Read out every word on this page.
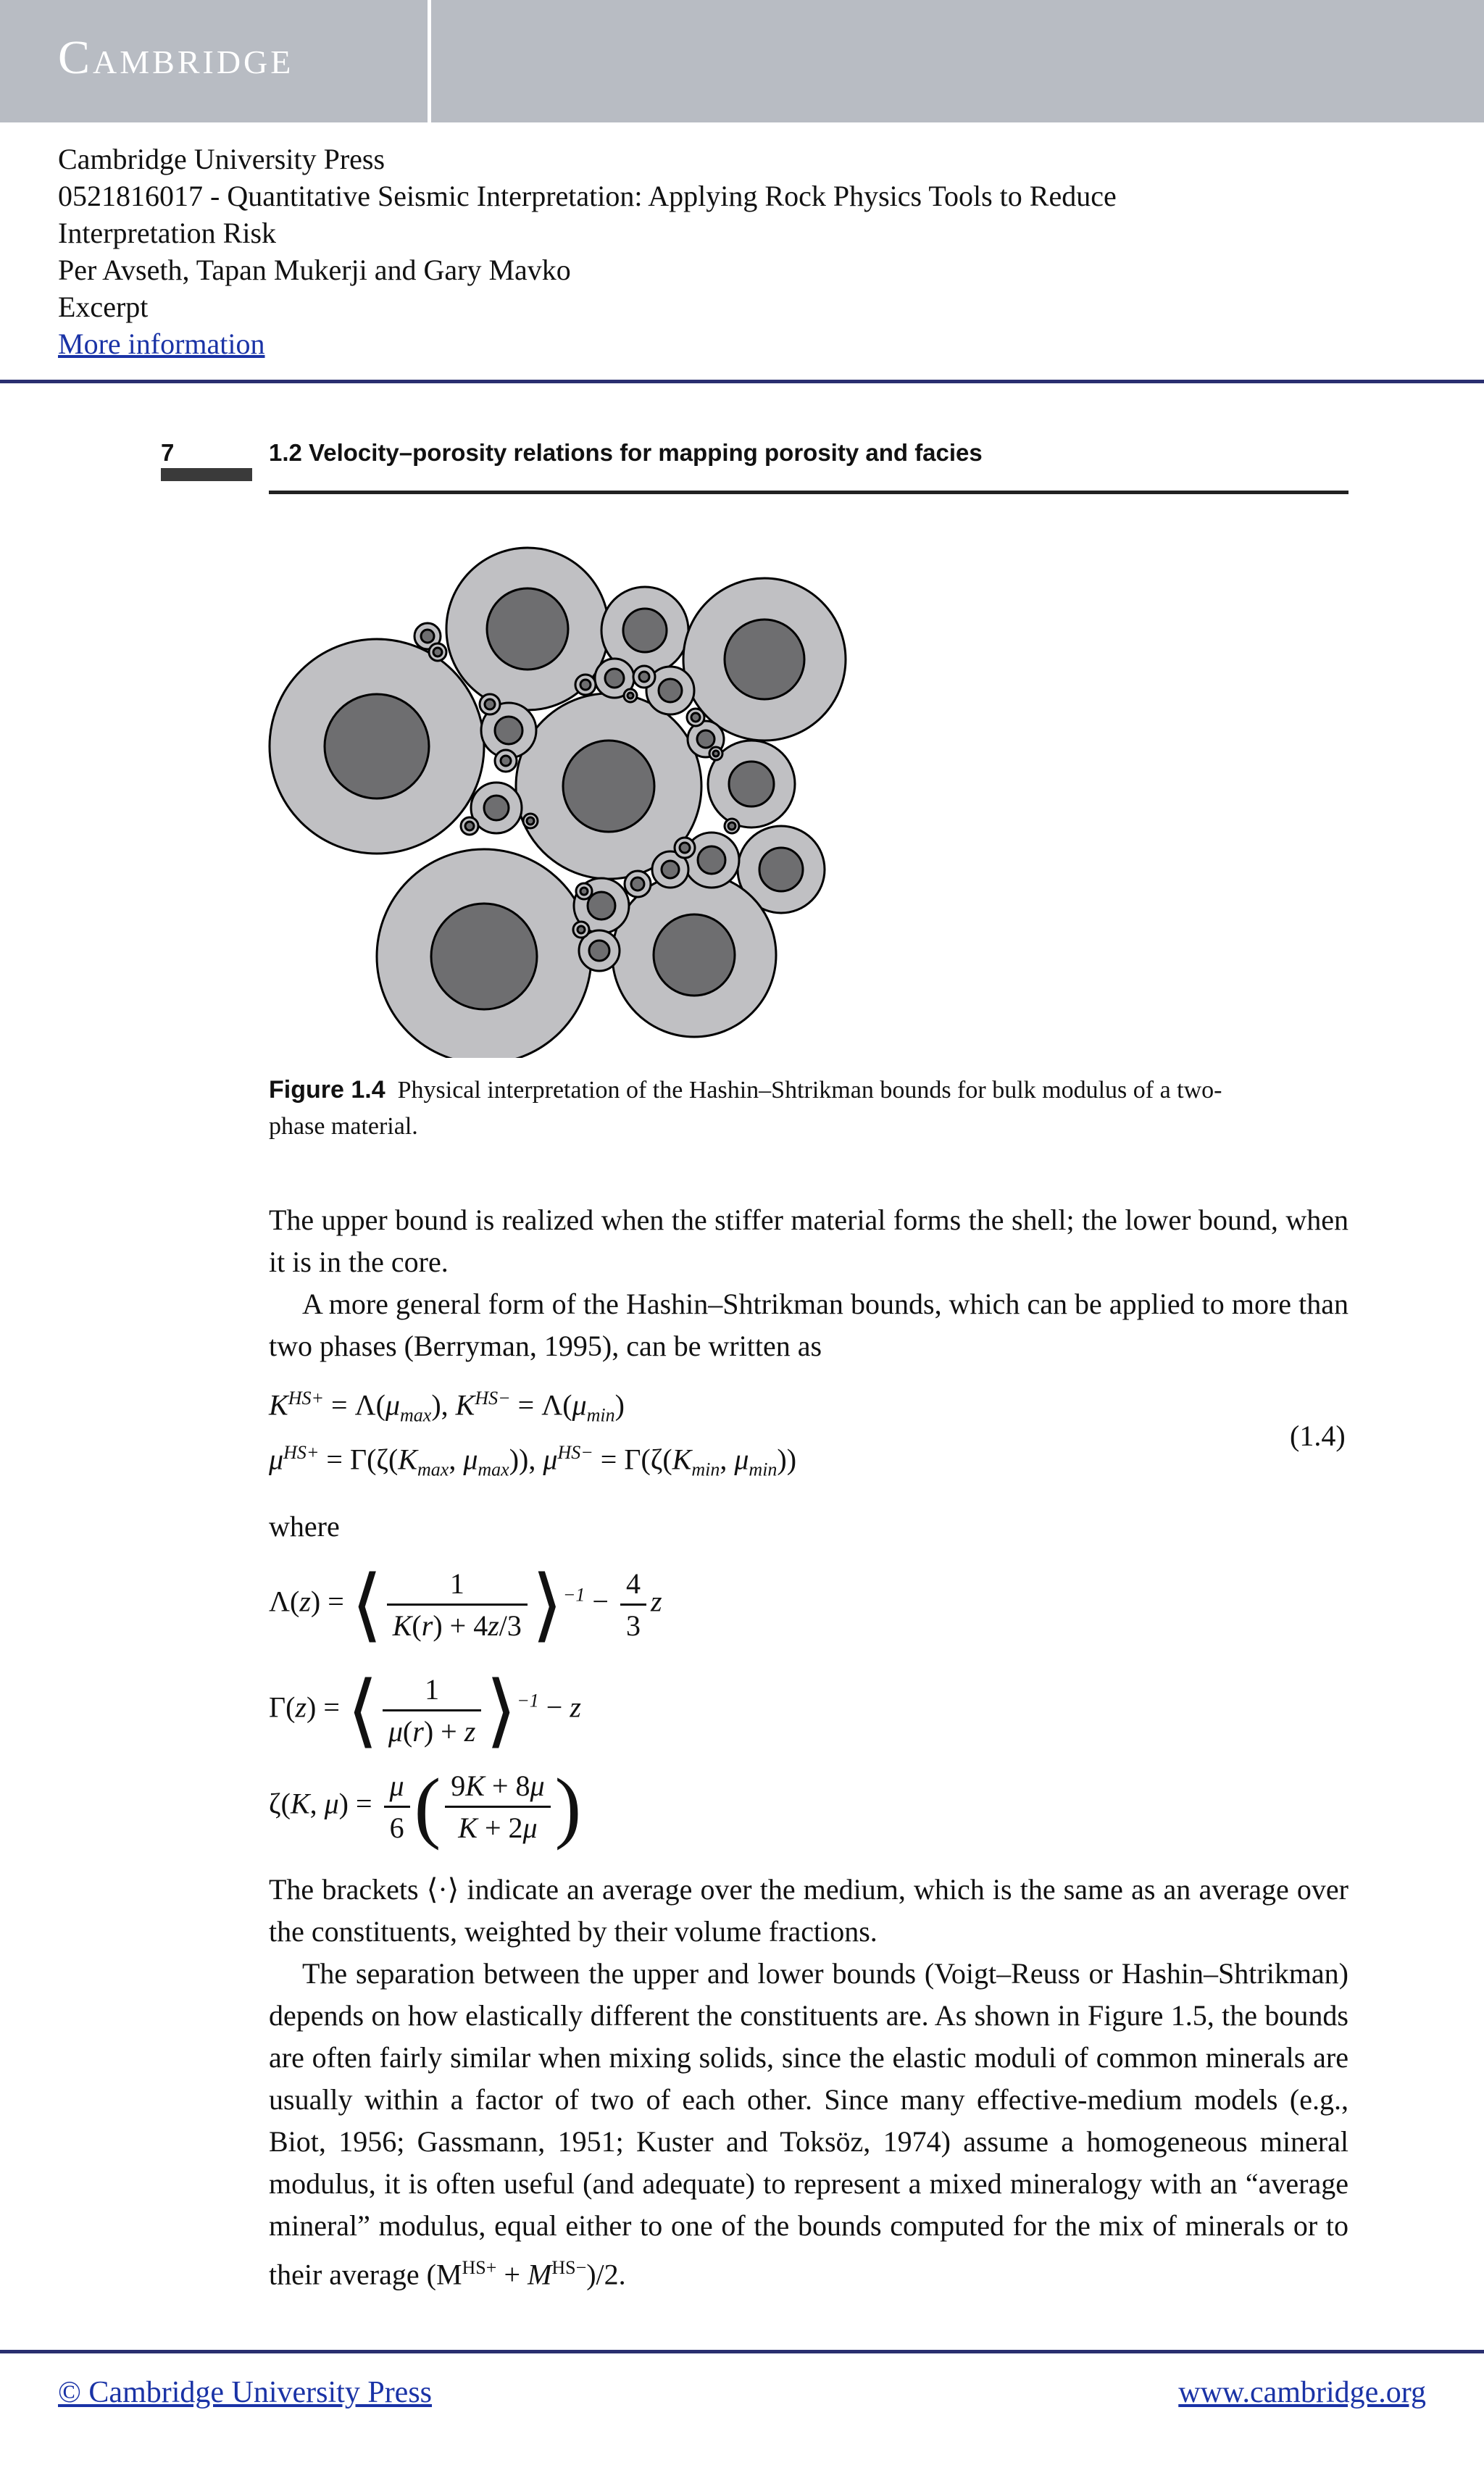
Cambridge
Cambridge University Press
0521816017 - Quantitative Seismic Interpretation: Applying Rock Physics Tools to Reduce
Interpretation Risk
Per Avseth, Tapan Mukerji and Gary Mavko
Excerpt
More information
7	1.2 Velocity–porosity relations for mapping porosity and facies
Figure 1.4 Physical interpretation of the Hashin–Shtrikman bounds for bulk modulus of a two-phase material.
The upper bound is realized when the stiffer material forms the shell; the lower bound, when it is in the core.
A more general form of the Hashin–Shtrikman bounds, which can be applied to more than two phases (Berryman, 1995), can be written as
$K^{HS+} = \Lambda(\mu_{max})$, $K^{HS-} = \Lambda(\mu_{min})$
$\mu^{HS+} = \Gamma(\zeta(K_{max}$, $\mu_{max}$)), $\mu^{HS-} = \Gamma(\zeta(K_{min}$, $\mu_{min}$))
(1.4)
where
Λ(z) = ⟨ $\frac{1}{K(r) + 4z/3}$ ⟩$^{-1}$ − $\frac{4}{3}$ z
Γ(z) = ⟨ $\frac{1}{\mu(r) + z}$ ⟩$^{-1}$ − z
ζ(K, $\mu) = \frac{\mu}{6}$ ( $\frac{9K + 8\mu}{K + 2\mu}$ )
The brackets ⟨·⟩ indicate an average over the medium, which is the same as an average over the constituents, weighted by their volume fractions.
The separation between the upper and lower bounds (Voigt–Reuss or Hashin–Shtrikman) depends on how elastically different the constituents are. As shown in Figure 1.5, the bounds are often fairly similar when mixing solids, since the elastic moduli of common minerals are usually within a factor of two of each other. Since many effective-medium models (e.g., Biot, 1956; Gassmann, 1951; Kuster and Toksöz, 1974) assume a homogeneous mineral modulus, it is often useful (and adequate) to represent a mixed mineralogy with an “average mineral” modulus, equal either to one of the bounds computed for the mix of minerals or to their average $(M^{HS+} + M^{HS-})/2$.
© Cambridge University Press	www.cambridge.org
